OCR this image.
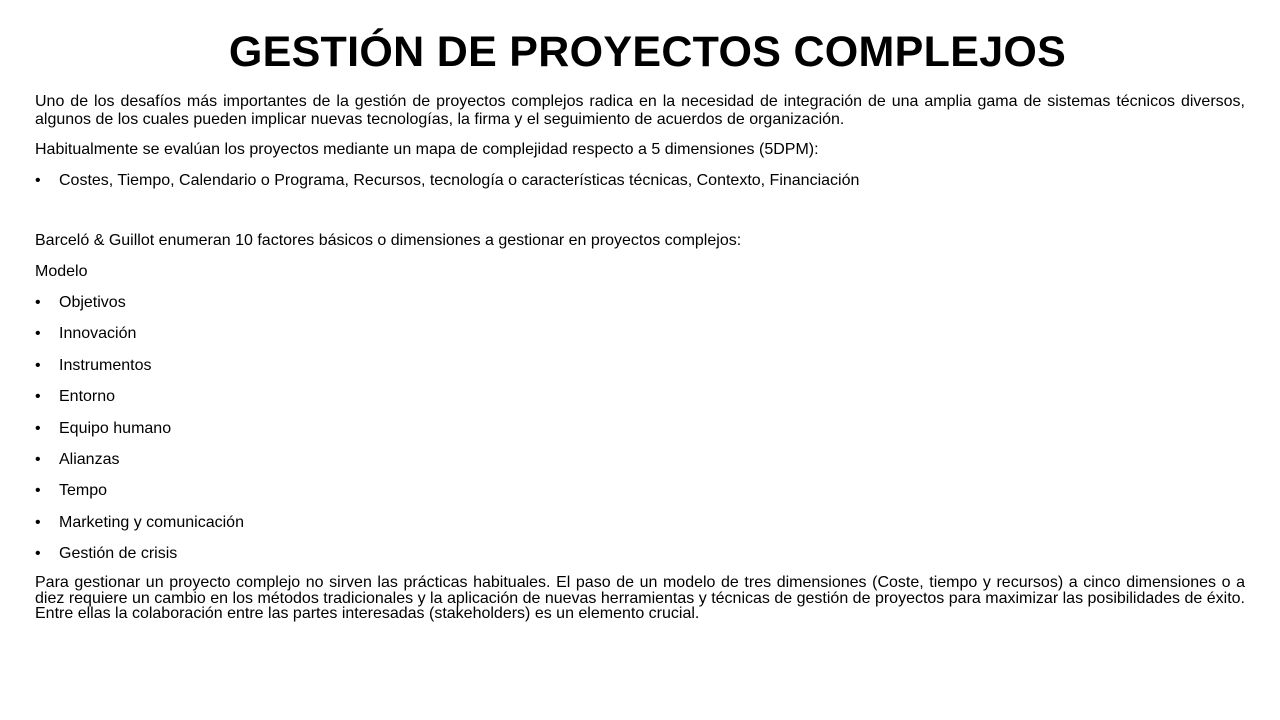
GESTIÓN DE PROYECTOS COMPLEJOS

Uno de los desafíos más importantes de la gestión de proyectos complejos radica en la necesidad de integración de una amplia gama de sistemas técnicos diversos, algunos de los cuales pueden implicar nuevas tecnologías, la firma y el seguimiento de acuerdos de organización.

Habitualmente se evalúan los proyectos mediante un mapa de complejidad respecto a 5 dimensiones (5DPM):

•	Costes, Tiempo, Calendario o Programa, Recursos, tecnología o características técnicas, Contexto, Financiación

Barceló & Guillot enumeran 10 factores básicos o dimensiones a gestionar en proyectos complejos:

Modelo

•	Objetivos
•	Innovación
•	Instrumentos
•	Entorno
•	Equipo humano
•	Alianzas
•	Tempo
•	Marketing y comunicación
•	Gestión de crisis

Para gestionar un proyecto complejo no sirven las prácticas habituales. El paso de un modelo de tres dimensiones (Coste, tiempo y recursos) a cinco dimensiones o a diez requiere un cambio en los métodos tradicionales y la aplicación de nuevas herramientas y técnicas de gestión de proyectos para maximizar las posibilidades de éxito. Entre ellas la colaboración entre las partes interesadas (stakeholders) es un elemento crucial.
